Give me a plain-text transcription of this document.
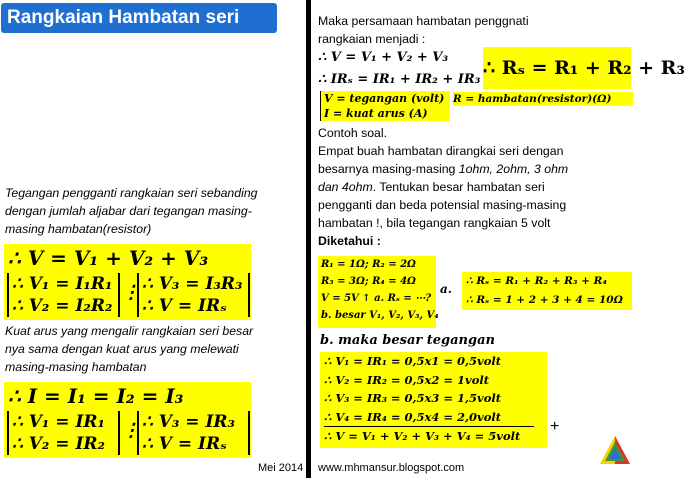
Rangkaian Hambatan seri (Rs)
Tegangan pengganti rangkaian seri sebanding
dengan jumlah aljabar dari tegangan masing-
masing hambatan(resistor)
∴ V = V₁ + V₂ + V₃
∴ V₁ = I₁R₁
∴ V₂ = I₂R₂
⋮ ∴ V₃ = I₃R₃
∴ V = IRₛ
Kuat arus yang mengalir rangkaian seri besar
nya sama dengan kuat arus yang melewati
masing-masing hambatan
∴ I = I₁ = I₂ = I₃
∴ V₁ = IR₁
∴ V₂ = IR₂
⋮ ∴ V₃ = IR₃
∴ V = IRₛ
Mei 2014
Maka persamaan hambatan penggnati
rangkaian menjadi :
∴ V = V₁ + V₂ + V₃
∴ IRₛ = IR₁ + IR₂ + IR₃
V = tegangan (volt)
I = kuat arus (A)
R = hambatan(resistor)(Ω)
∴ Rₛ = R₁ + R₂ + R₃
Contoh soal.
Empat buah hambatan dirangkai seri dengan
besarnya masing-masing 1ohm, 2ohm, 3 ohm
dan 4ohm. Tentukan besar hambatan seri
pengganti dan beda potensial masing-masing
hambatan !, bila tegangan rangkaian 5 volt
Diketahui :
R₁ = 1Ω; R₂ = 2Ω
R₃ = 3Ω; R₄ = 4Ω
V = 5V ↑ a. Rₛ = ⋯?
b. besar V₁, V₂, V₃, V₄
a.
∴ Rₛ = R₁ + R₂ + R₃ + R₄
∴ Rₛ = 1 + 2 + 3 + 4 = 10Ω
b. maka besar tegangan
∴ V₁ = IR₁ = 0,5x1 = 0,5volt
∴ V₂ = IR₂ = 0,5x2 = 1volt
∴ V₃ = IR₃ = 0,5x3 = 1,5volt
∴ V₄ = IR₄ = 0,5x4 = 2,0volt
∴ V = V₁ + V₂ + V₃ + V₄ = 5volt
+
www.mhmansur.blogspot.com
